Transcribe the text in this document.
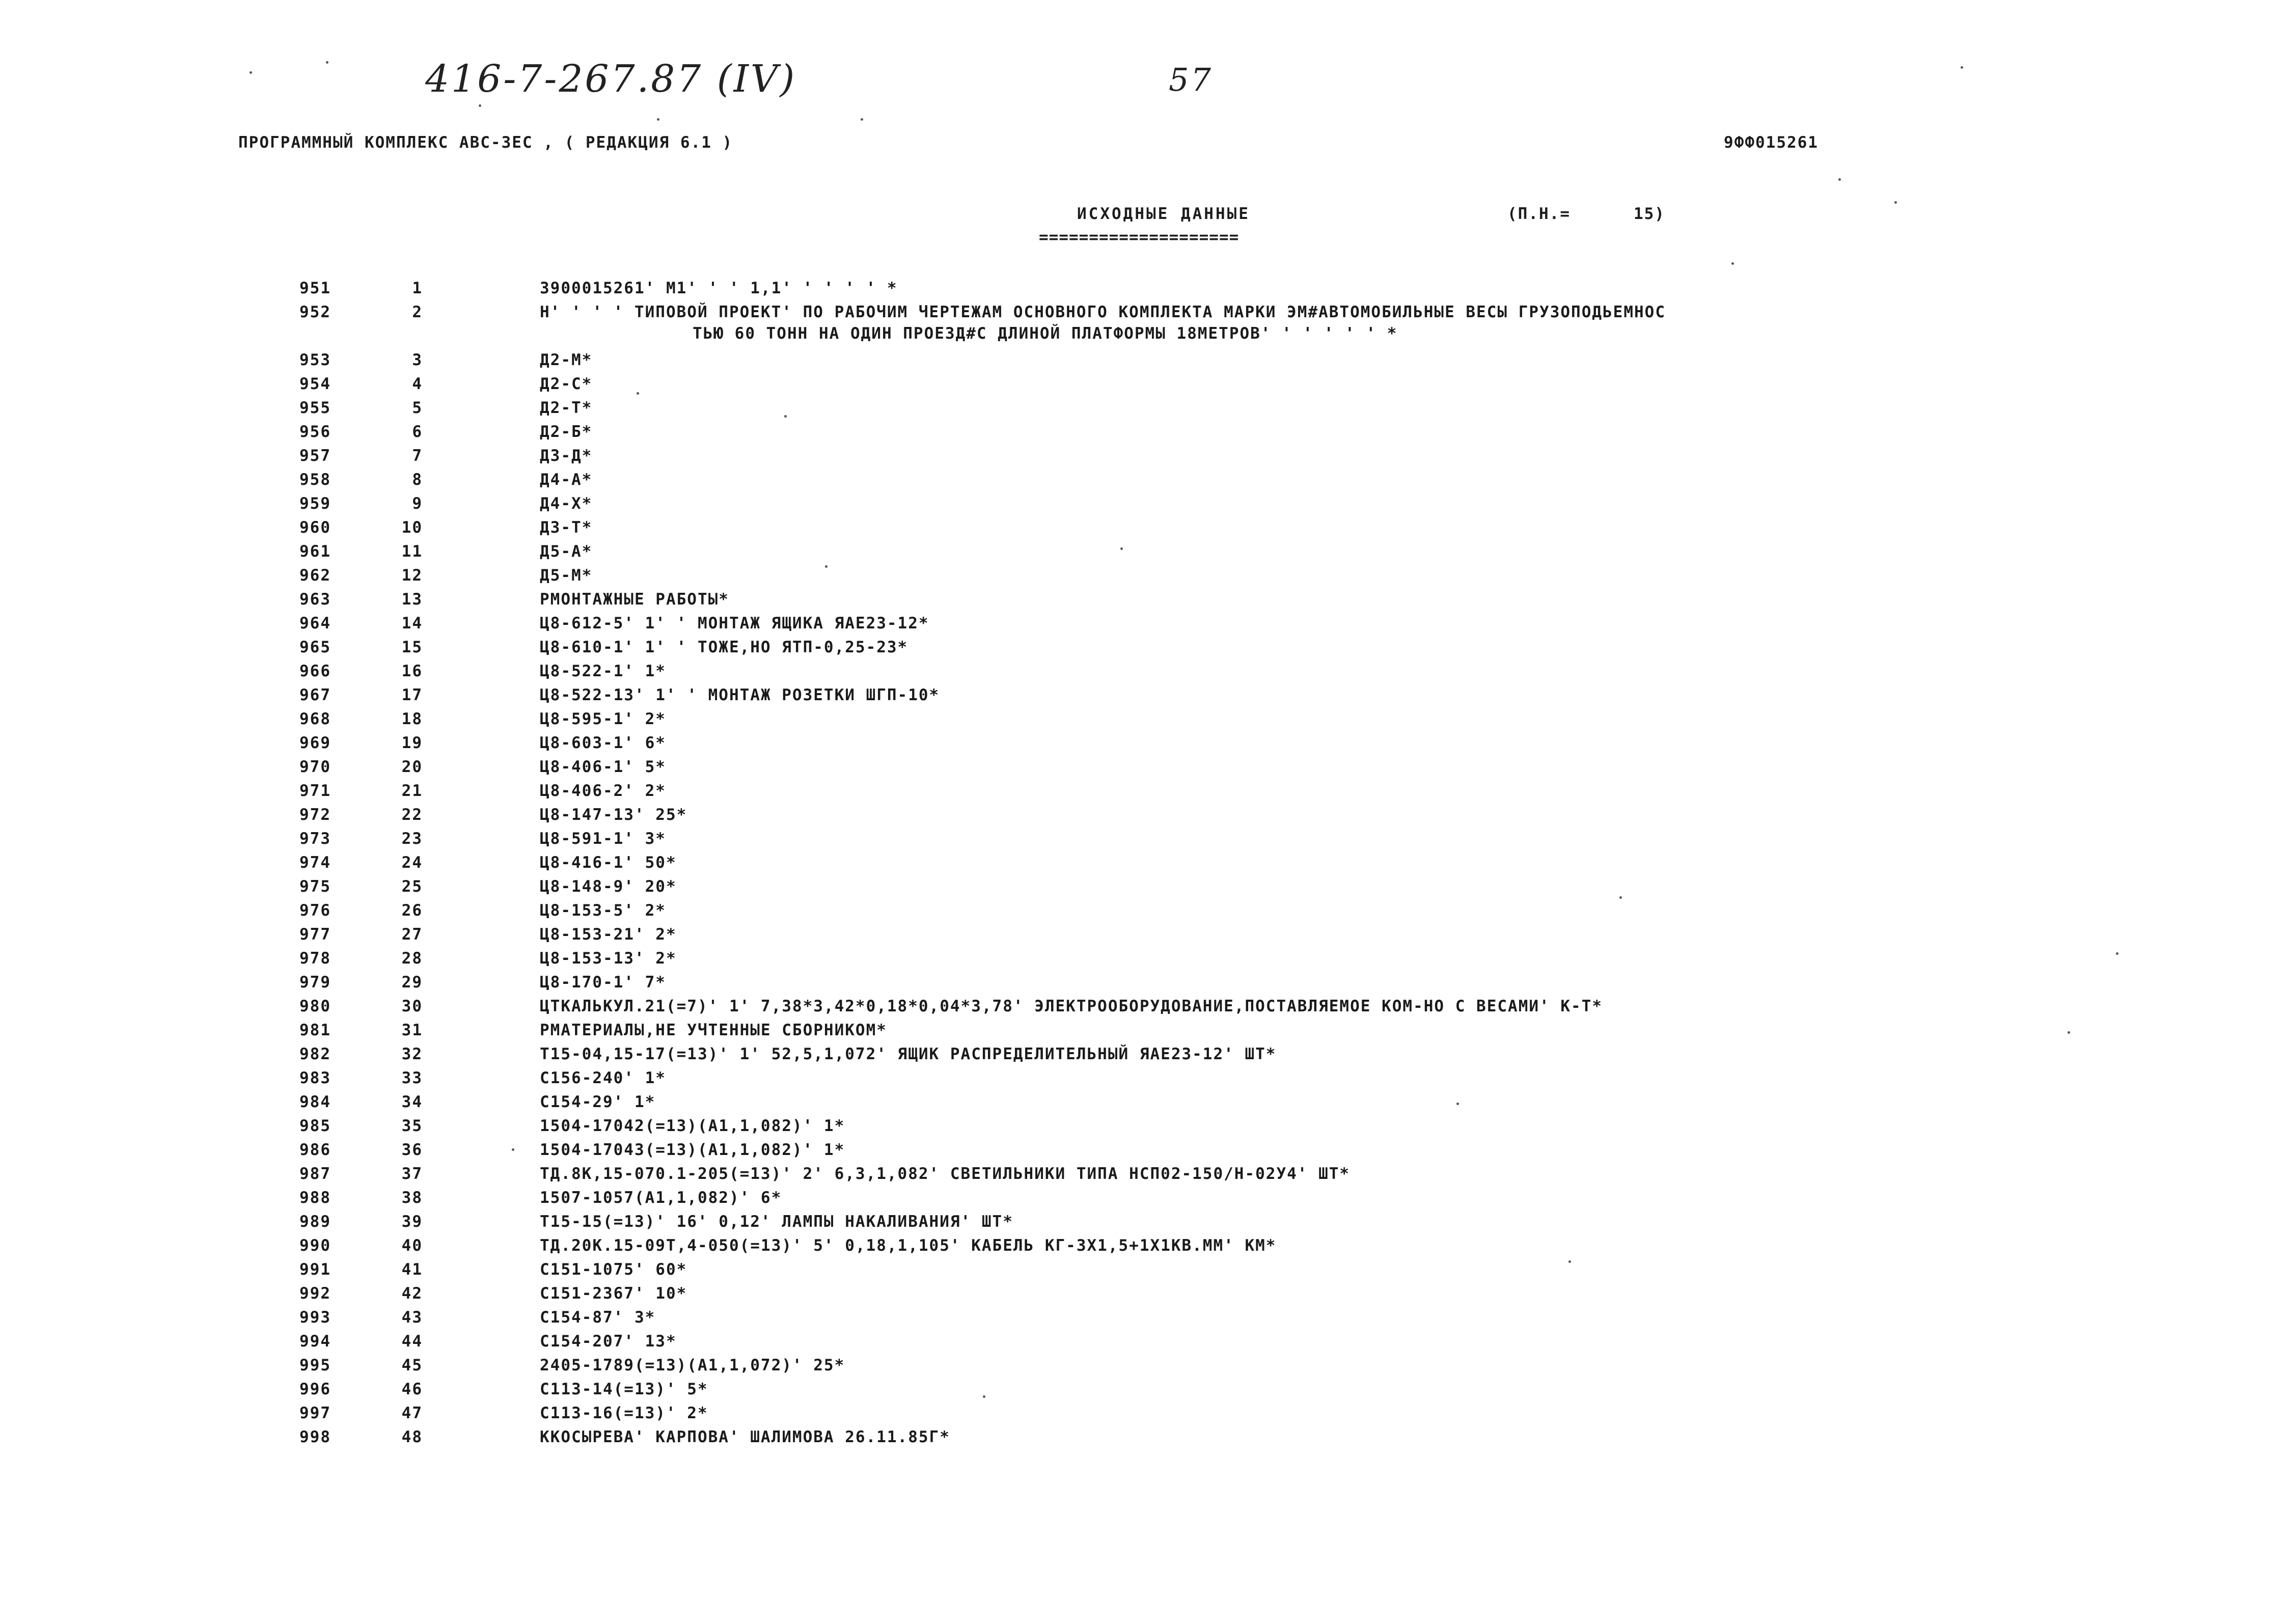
416-7-267.87 (IV)	57
ПРОГРАММНЫЙ КОМПЛЕКС АВС-3ЕС , ( РЕДАКЦИЯ 6.1 )	9ФФ015261
ИСХОДНЫЕ ДАННЫЕ
====================
(П.Н.=      15)
951	1	3900015261' М1' ' ' 1,1' ' ' ' ' *
952	2	Н' ' ' ' ТИПОВОЙ ПРОЕКТ' ПО РАБОЧИМ ЧЕРТЕЖАМ ОСНОВНОГО КОМПЛЕКТА МАРКИ ЭМ#АВТОМОБИЛЬНЫЕ ВЕСЫ ГРУЗОПОДЬЕМНОС
ТЬЮ 60 ТОНН НА ОДИН ПРОЕЗД#С ДЛИНОЙ ПЛАТФОРМЫ 18МЕТРОВ' ' ' ' ' ' *
953	3	Д2-М*
954	4	Д2-С*
955	5	Д2-Т*
956	6	Д2-Б*
957	7	Д3-Д*
958	8	Д4-А*
959	9	Д4-Х*
960	10	Д3-Т*
961	11	Д5-А*
962	12	Д5-М*
963	13	РМОНТАЖНЫЕ РАБОТЫ*
964	14	Ц8-612-5' 1' ' МОНТАЖ ЯЩИКА ЯАЕ23-12*
965	15	Ц8-610-1' 1' ' ТОЖЕ,НО ЯТП-0,25-23*
966	16	Ц8-522-1' 1*
967	17	Ц8-522-13' 1' ' МОНТАЖ РОЗЕТКИ ШГП-10*
968	18	Ц8-595-1' 2*
969	19	Ц8-603-1' 6*
970	20	Ц8-406-1' 5*
971	21	Ц8-406-2' 2*
972	22	Ц8-147-13' 25*
973	23	Ц8-591-1' 3*
974	24	Ц8-416-1' 50*
975	25	Ц8-148-9' 20*
976	26	Ц8-153-5' 2*
977	27	Ц8-153-21' 2*
978	28	Ц8-153-13' 2*
979	29	Ц8-170-1' 7*
980	30	ЦТКАЛЬКУЛ.21(=7)' 1' 7,38*3,42*0,18*0,04*3,78' ЭЛЕКТРООБОРУДОВАНИЕ,ПОСТАВЛЯЕМОЕ КОМ-НО С ВЕСАМИ' К-Т*
981	31	РМАТЕРИАЛЫ,НЕ УЧТЕННЫЕ СБОРНИКОМ*
982	32	Т15-04,15-17(=13)' 1' 52,5,1,072' ЯЩИК РАСПРЕДЕЛИТЕЛЬНЫЙ ЯАЕ23-12' ШТ*
983	33	С156-240' 1*
984	34	С154-29' 1*
985	35	1504-17042(=13)(А1,1,082)' 1*
986	36	1504-17043(=13)(А1,1,082)' 1*
987	37	ТД.8К,15-070.1-205(=13)' 2' 6,3,1,082' СВЕТИЛЬНИКИ ТИПА НСП02-150/Н-02У4' ШТ*
988	38	1507-1057(А1,1,082)' 6*
989	39	Т15-15(=13)' 16' 0,12' ЛАМПЫ НАКАЛИВАНИЯ' ШТ*
990	40	ТД.20К.15-09Т,4-050(=13)' 5' 0,18,1,105' КАБЕЛЬ КГ-3Х1,5+1Х1КВ.ММ' КМ*
991	41	С151-1075' 60*
992	42	С151-2367' 10*
993	43	С154-87' 3*
994	44	С154-207' 13*
995	45	2405-1789(=13)(А1,1,072)' 25*
996	46	С113-14(=13)' 5*
997	47	С113-16(=13)' 2*
998	48	ККОСЫРЕВА' КАРПОВА' ШАЛИМОВА 26.11.85Г*
